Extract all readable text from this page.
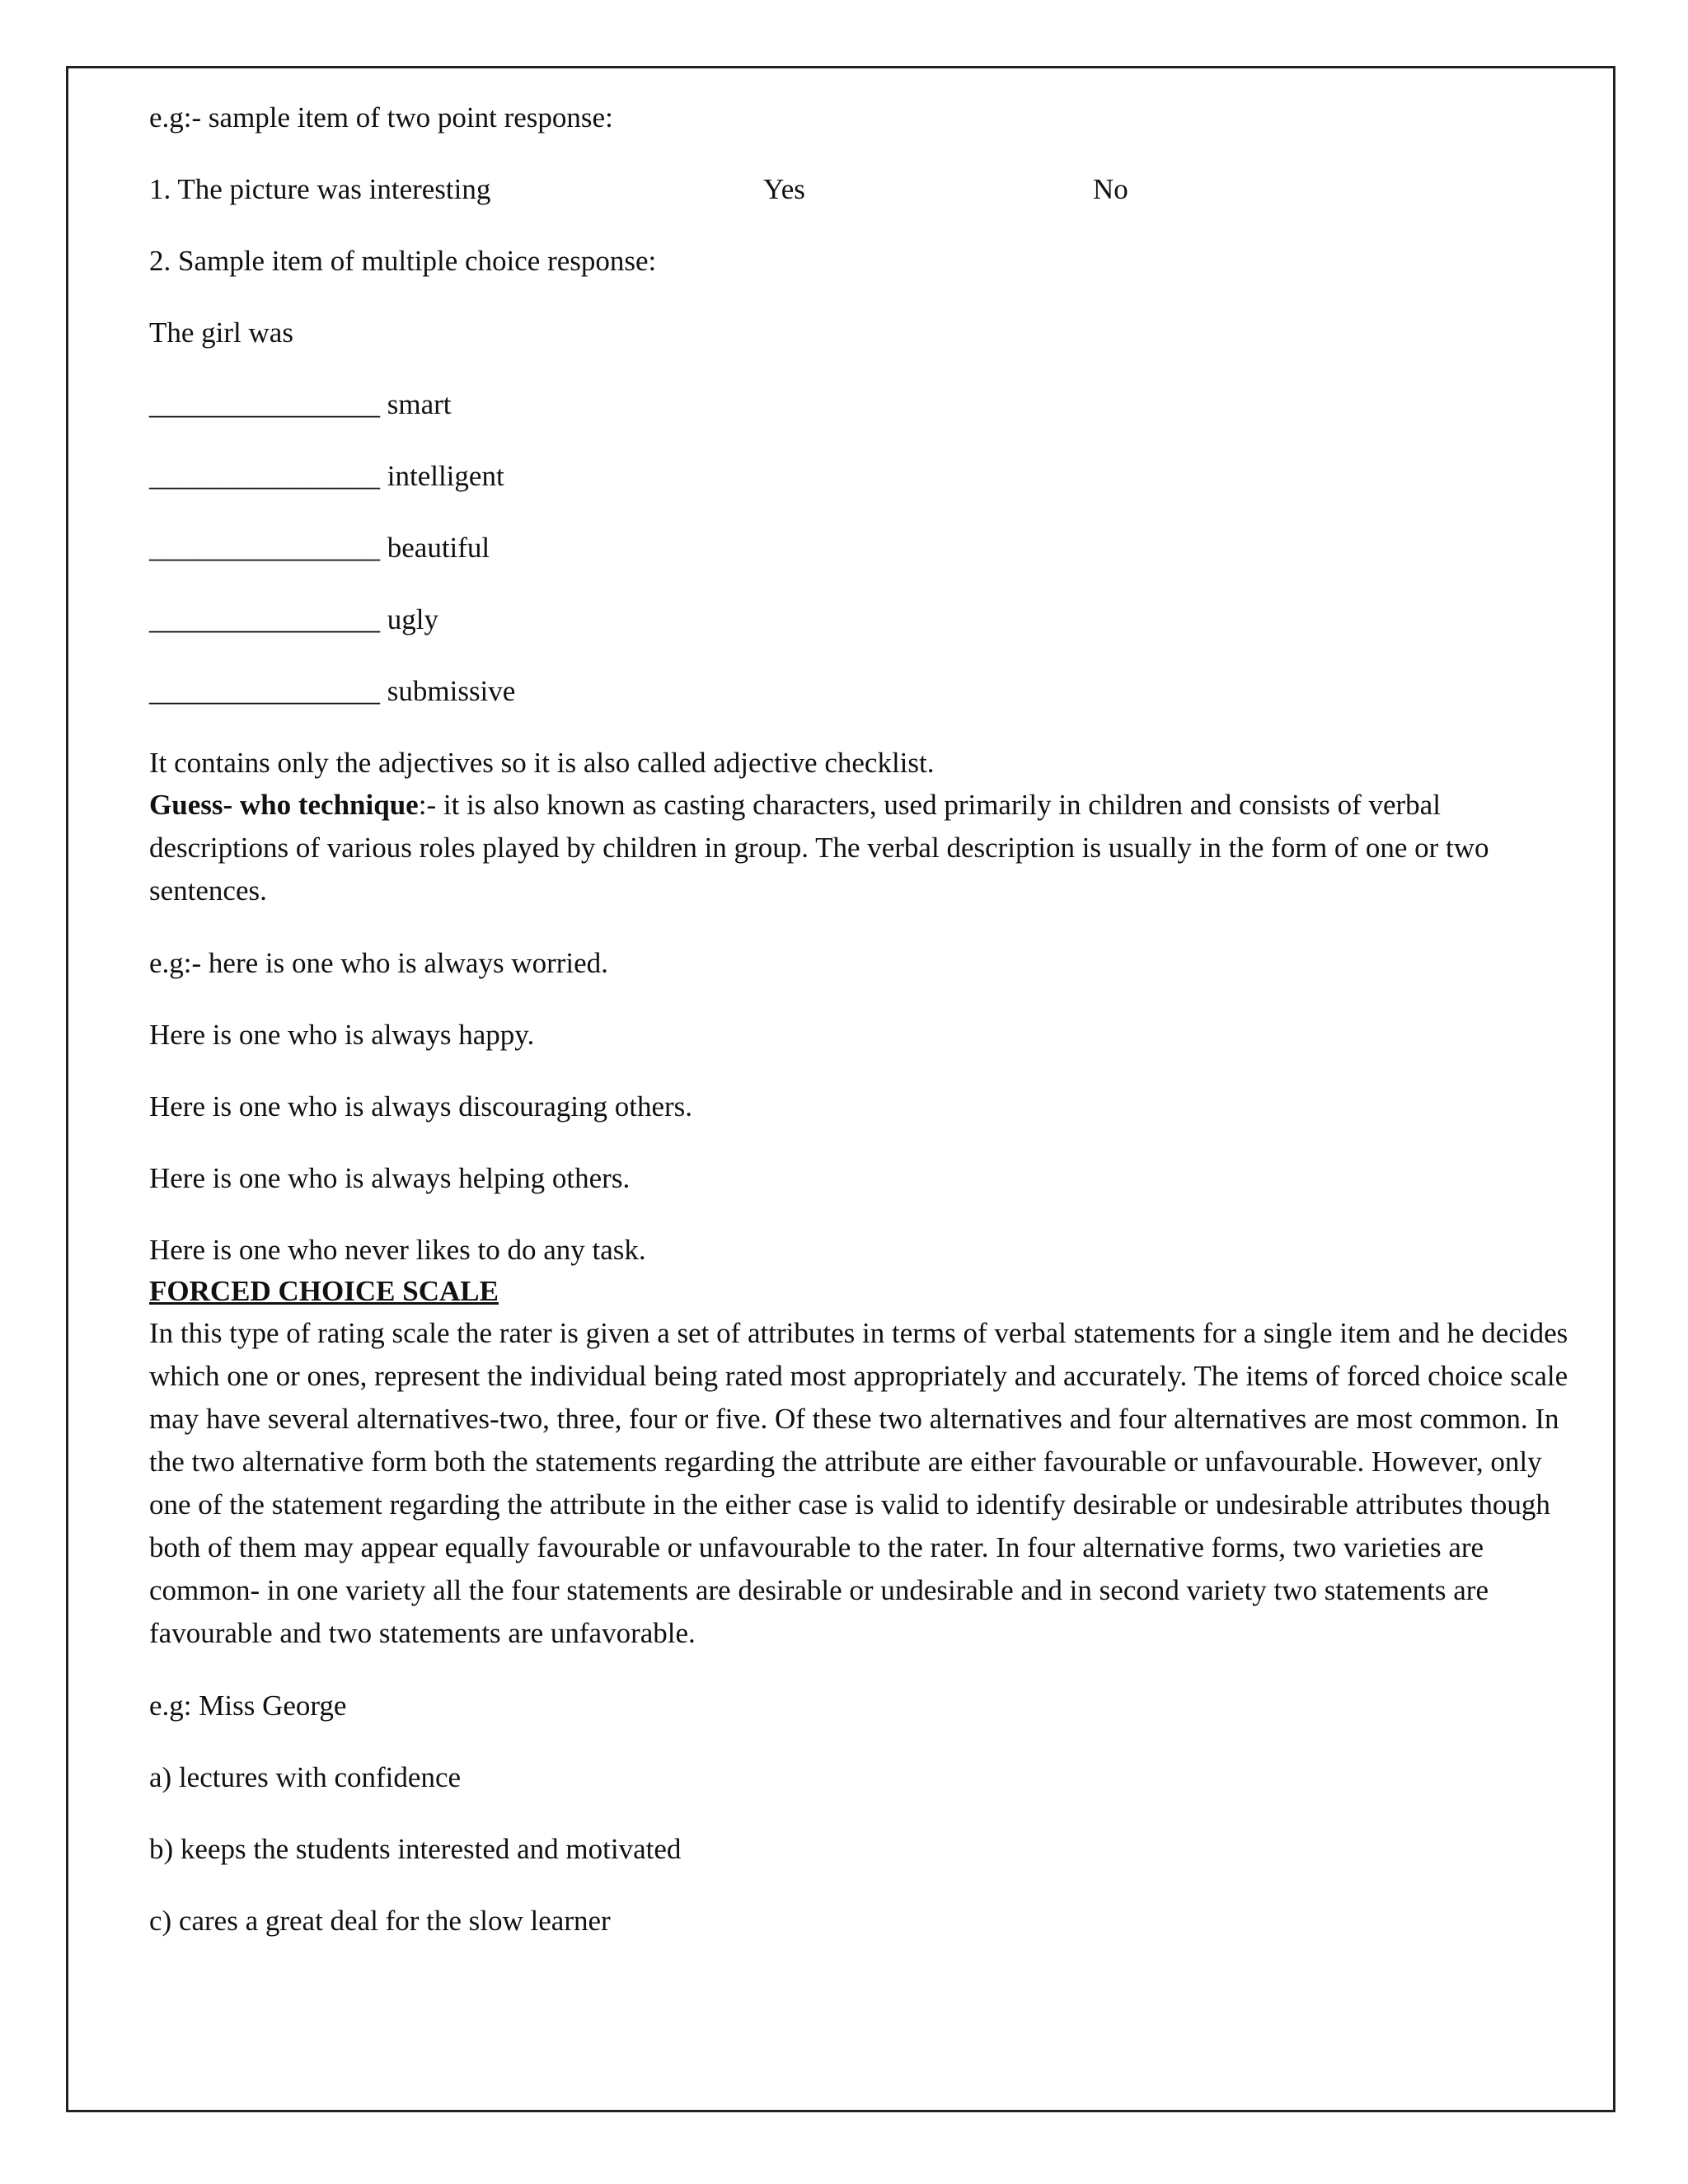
e.g:- sample item of two point response:

1. The picture was interesting	Yes	No

2. Sample item of multiple choice response:

The girl was

________________ smart

________________ intelligent

________________ beautiful

________________ ugly

________________ submissive

It contains only the adjectives so it is also called adjective checklist.

Guess- who technique:- it is also known as casting characters, used primarily in children and consists of verbal descriptions of various roles played by children in group. The verbal description is usually in the form of one or two sentences.

e.g:- here is one who is always worried.

Here is one who is always happy.

Here is one who is always discouraging others.

Here is one who is always helping others.

Here is one who never likes to do any task.

FORCED CHOICE SCALE

In this type of rating scale the rater is given a set of attributes in terms of verbal statements for a single item and he decides which one or ones, represent the individual being rated most appropriately and accurately. The items of forced choice scale may have several alternatives-two, three, four or five. Of these two alternatives and four alternatives are most common. In the two alternative form both the statements regarding the attribute are either favourable or unfavourable. However, only one of the statement regarding the attribute in the either case is valid to identify desirable or undesirable attributes though both of them may appear equally favourable or unfavourable to the rater. In four alternative forms, two varieties are common- in one variety all the four statements are desirable or undesirable and in second variety two statements are favourable and two statements are unfavorable.

e.g: Miss George

a) lectures with confidence

b) keeps the students interested and motivated

c) cares a great deal for the slow learner
